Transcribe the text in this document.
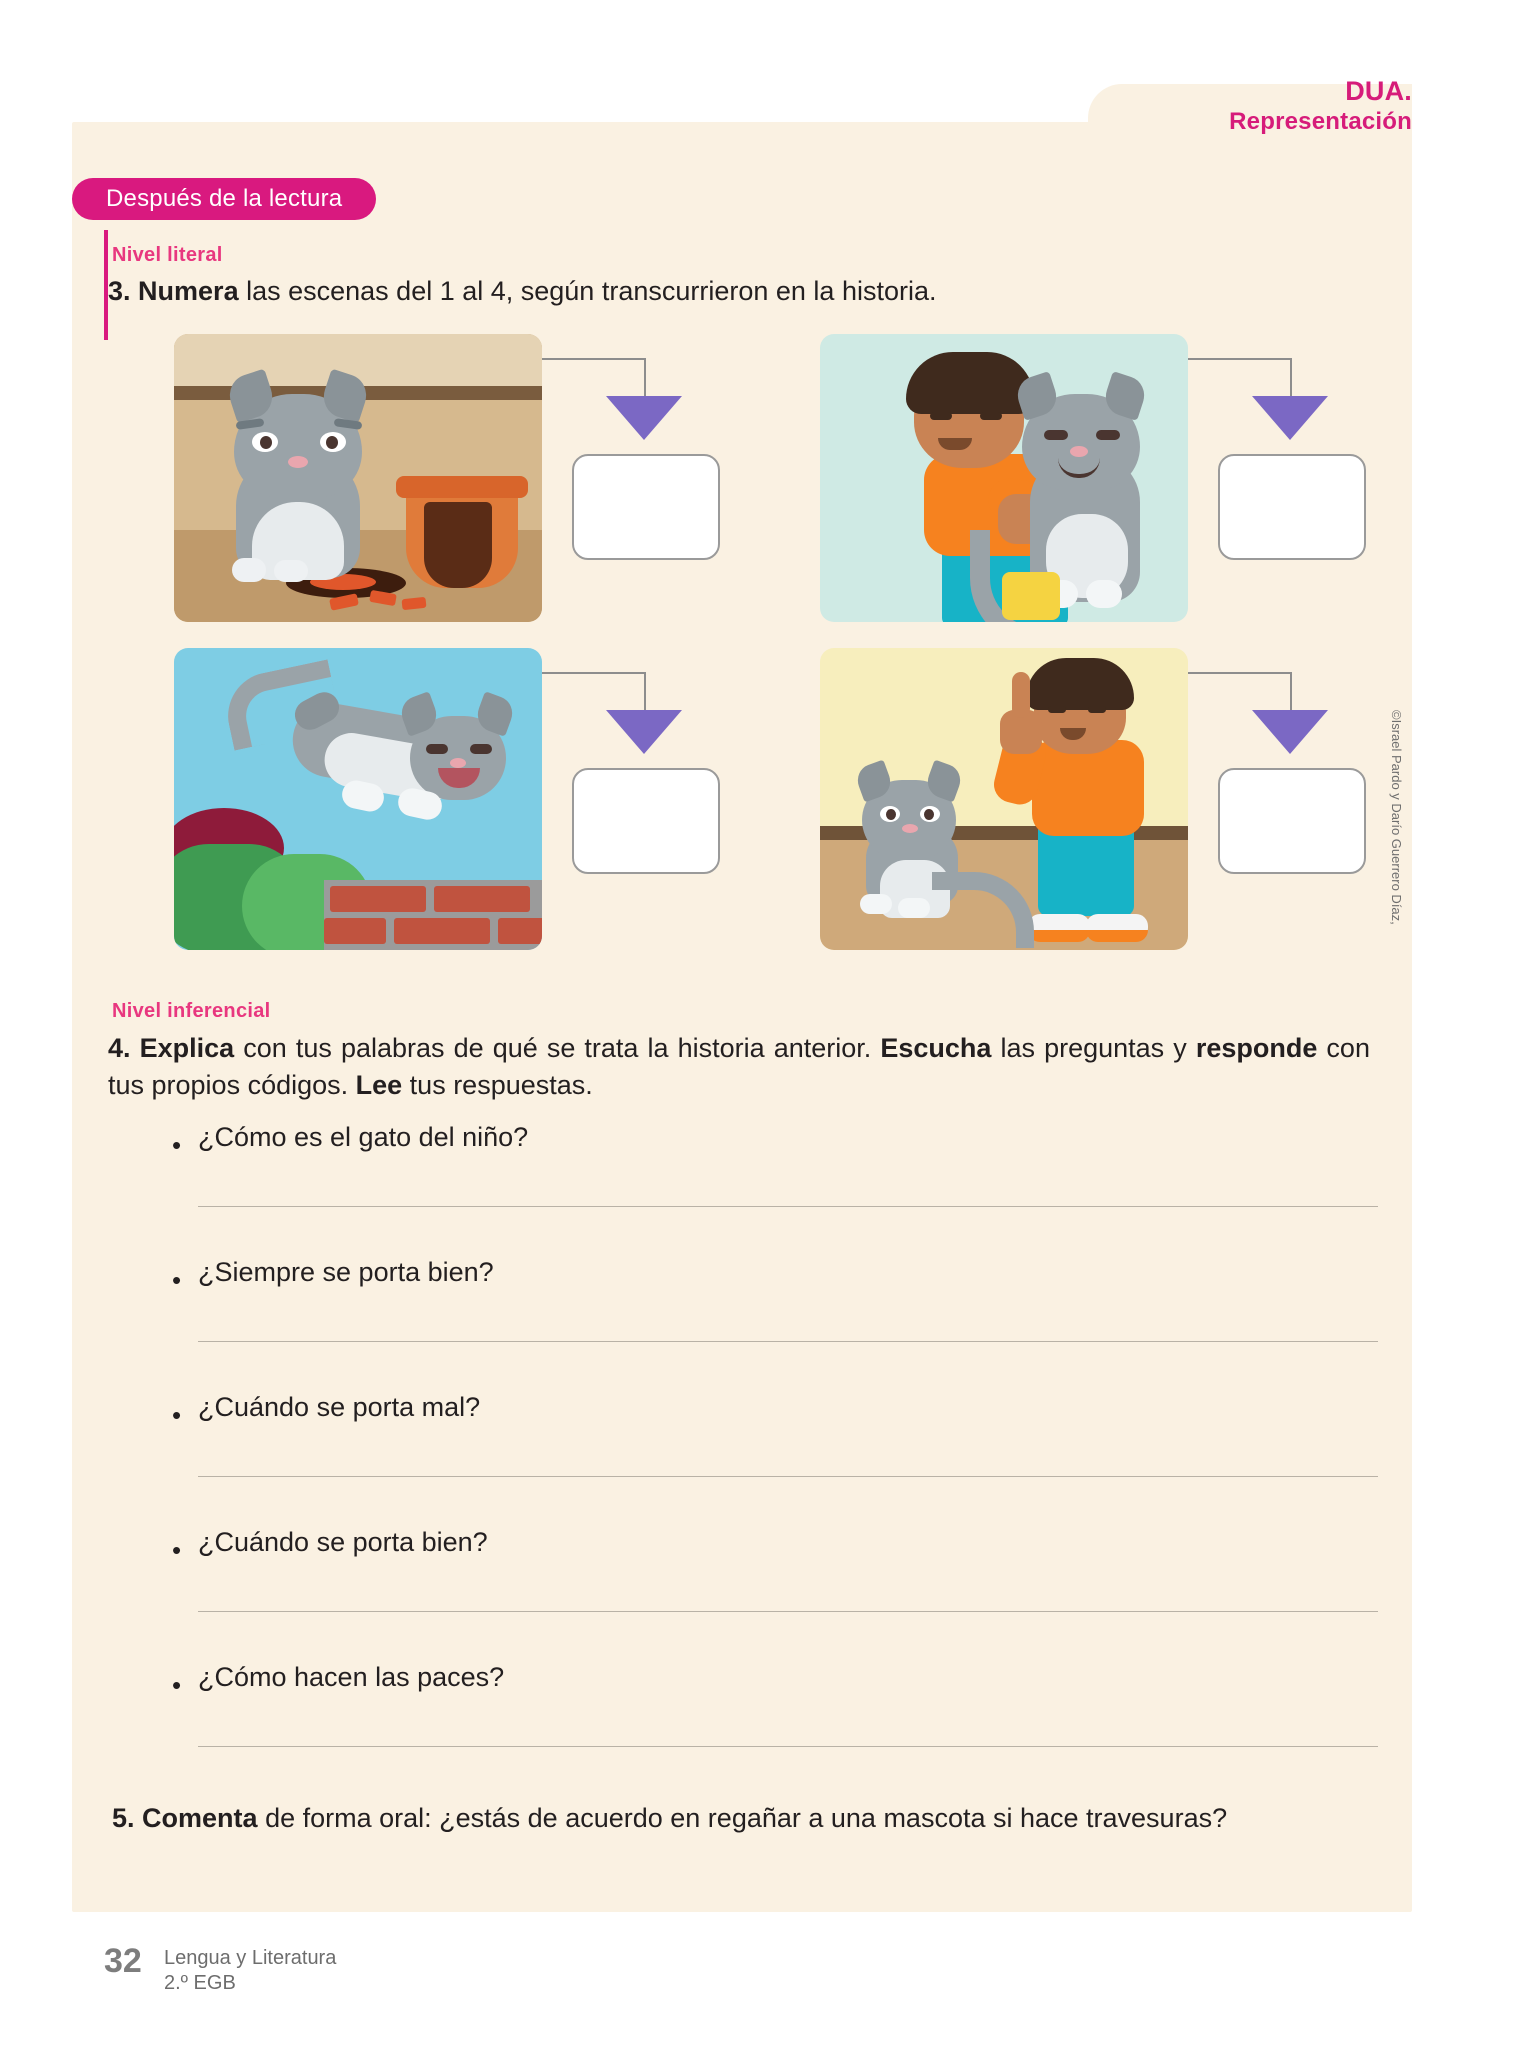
DUA.
Representación
Después de la lectura
Nivel literal
3. Numera las escenas del 1 al 4, según transcurrieron en la historia.
©Israel Pardo y Darío Guerrero Díaz,
Nivel inferencial
4. Explica con tus palabras de qué se trata la historia anterior. Escucha las preguntas y responde con tus propios códigos. Lee tus respuestas.
• ¿Cómo es el gato del niño?
• ¿Siempre se porta bien?
• ¿Cuándo se porta mal?
• ¿Cuándo se porta bien?
• ¿Cómo hacen las paces?
5. Comenta de forma oral: ¿estás de acuerdo en regañar a una mascota si hace travesuras?
32 Lengua y Literatura
2.º EGB
